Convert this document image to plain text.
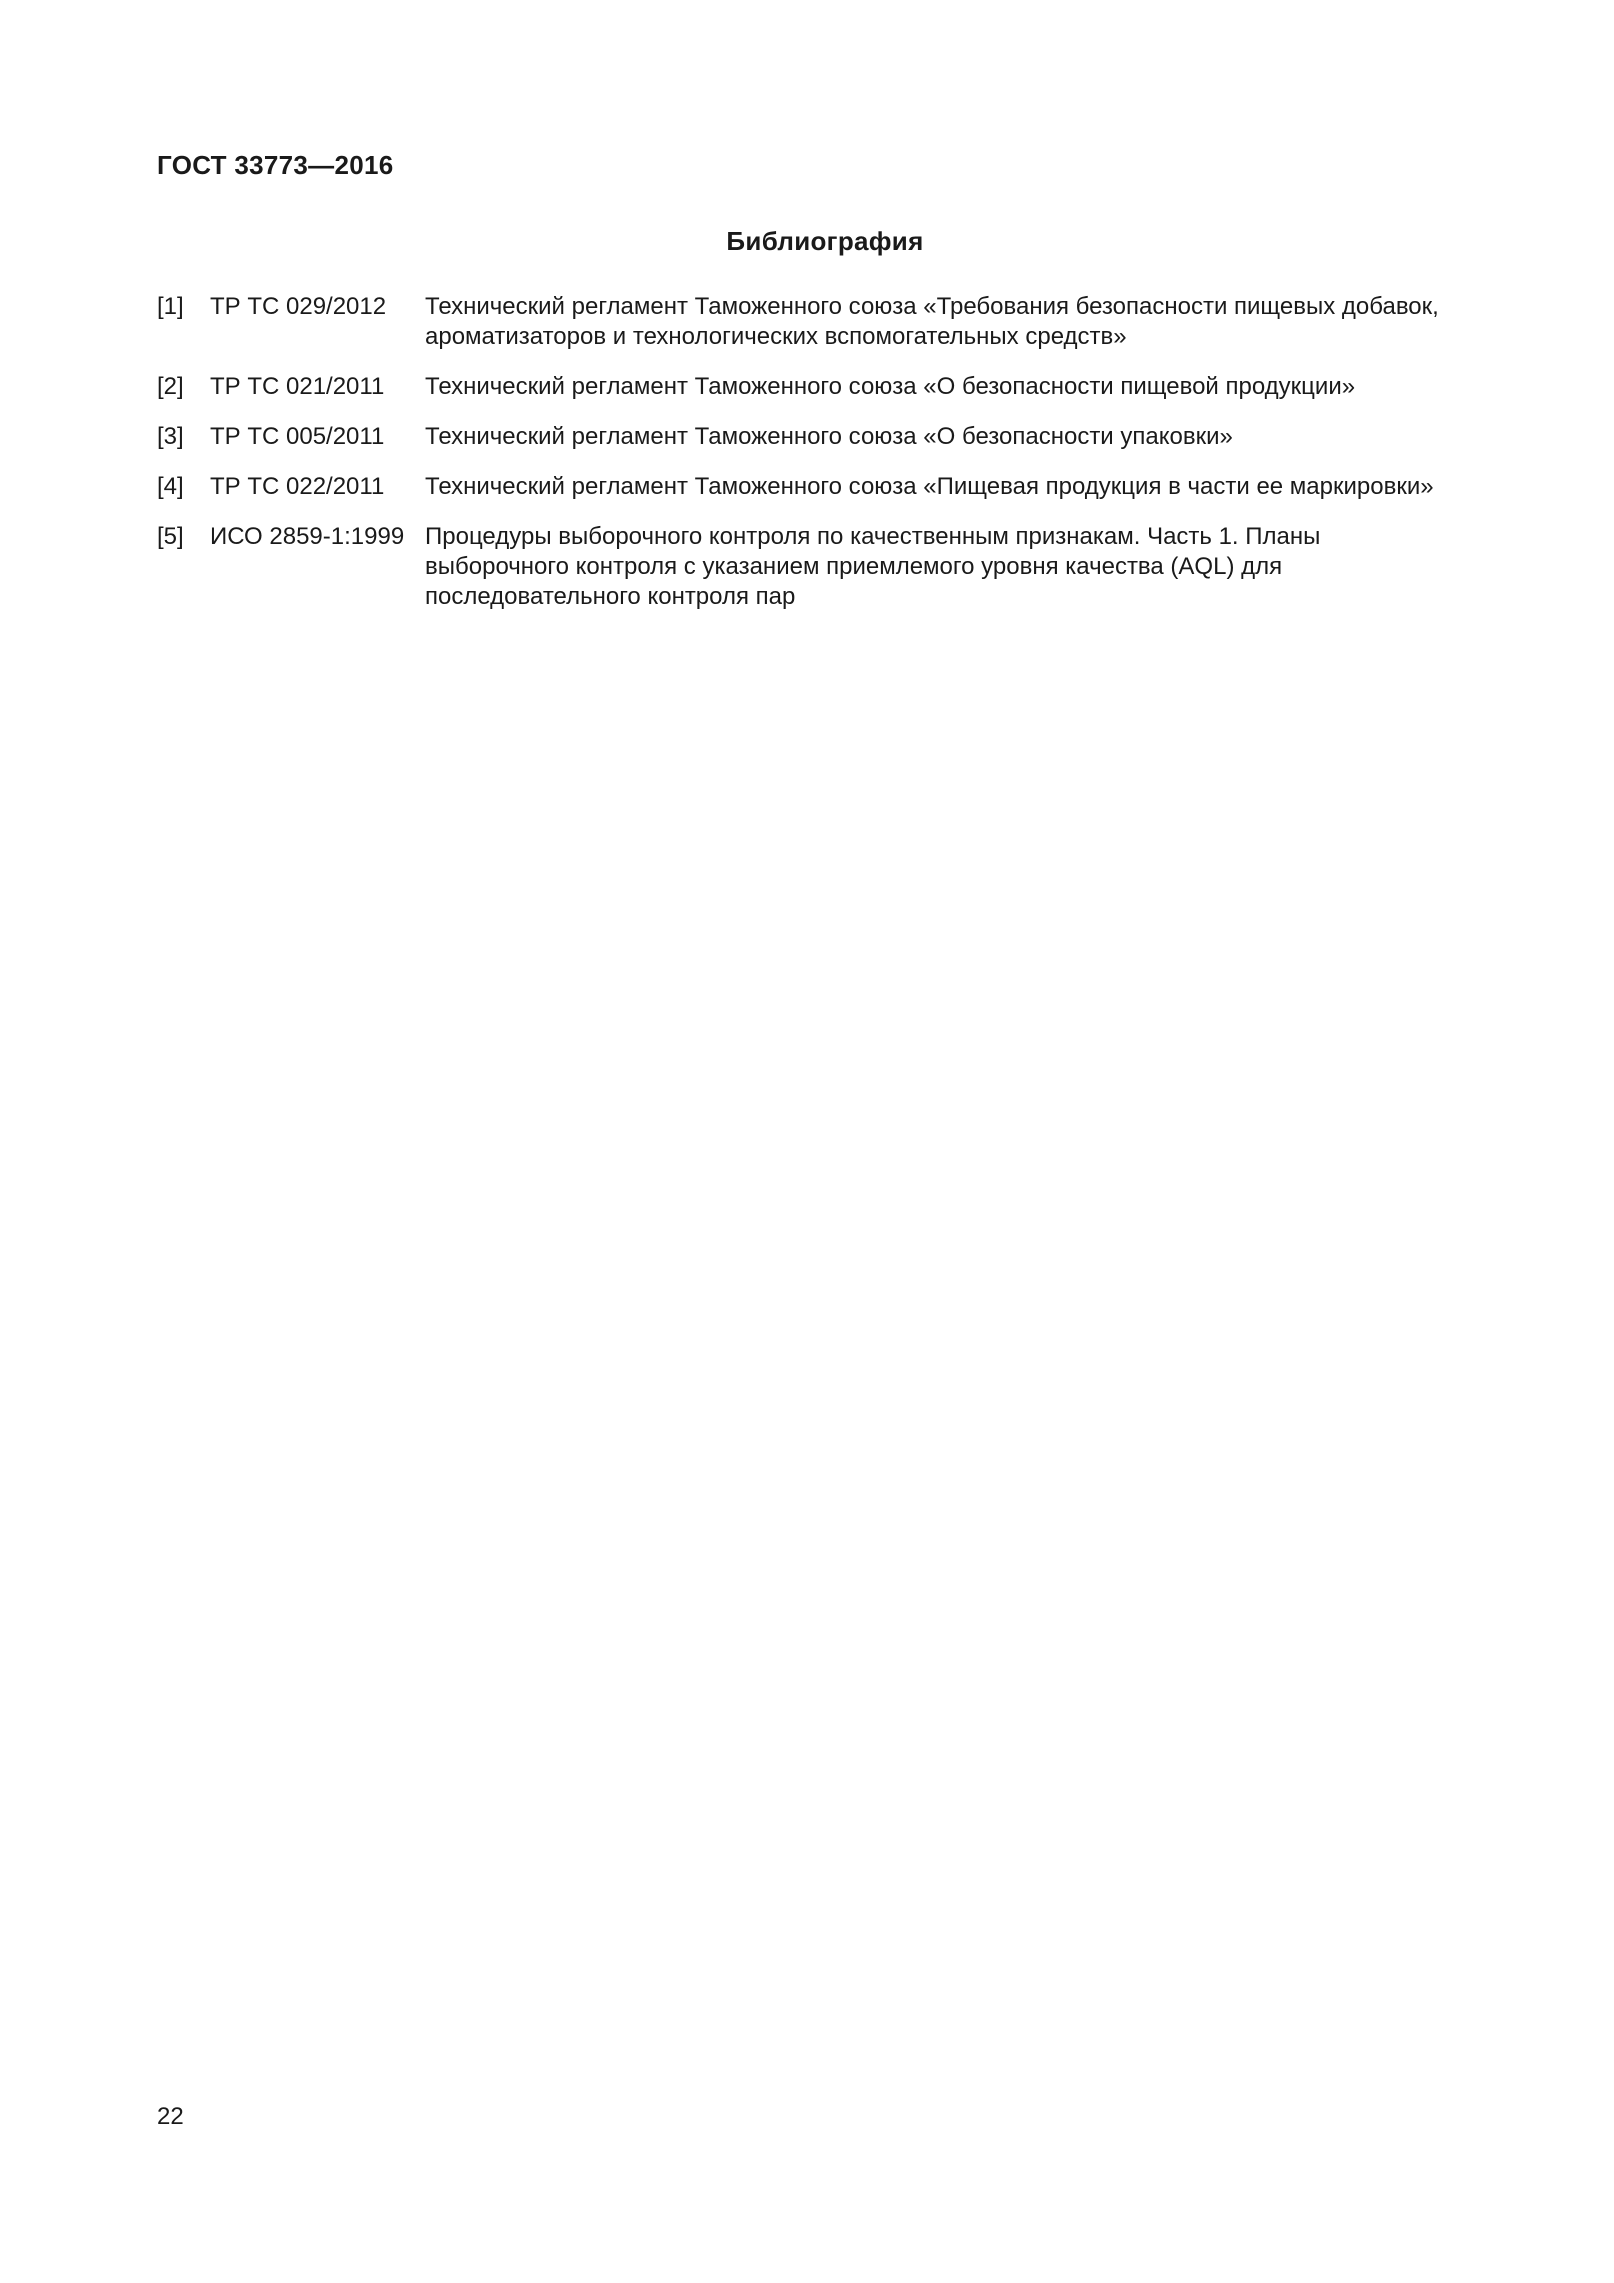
ГОСТ 33773—2016
Библиография
[1] ТР ТС 029/2012 Технический регламент Таможенного союза «Требования безопасности пищевых добавок,
ароматизаторов и технологических вспомогательных средств»
[2] ТР ТС 021/2011 Технический регламент Таможенного союза «О безопасности пищевой продукции»
[3] ТР ТС 005/2011 Технический регламент Таможенного союза «О безопасности упаковки»
[4] ТР ТС 022/2011 Технический регламент Таможенного союза «Пищевая продукция в части ее маркировки»
[5] ИСО 2859-1:1999 Процедуры выборочного контроля по качественным признакам. Часть 1. Планы
выборочного контроля с указанием приемлемого уровня качества (AQL) для
последовательного контроля пар
22
